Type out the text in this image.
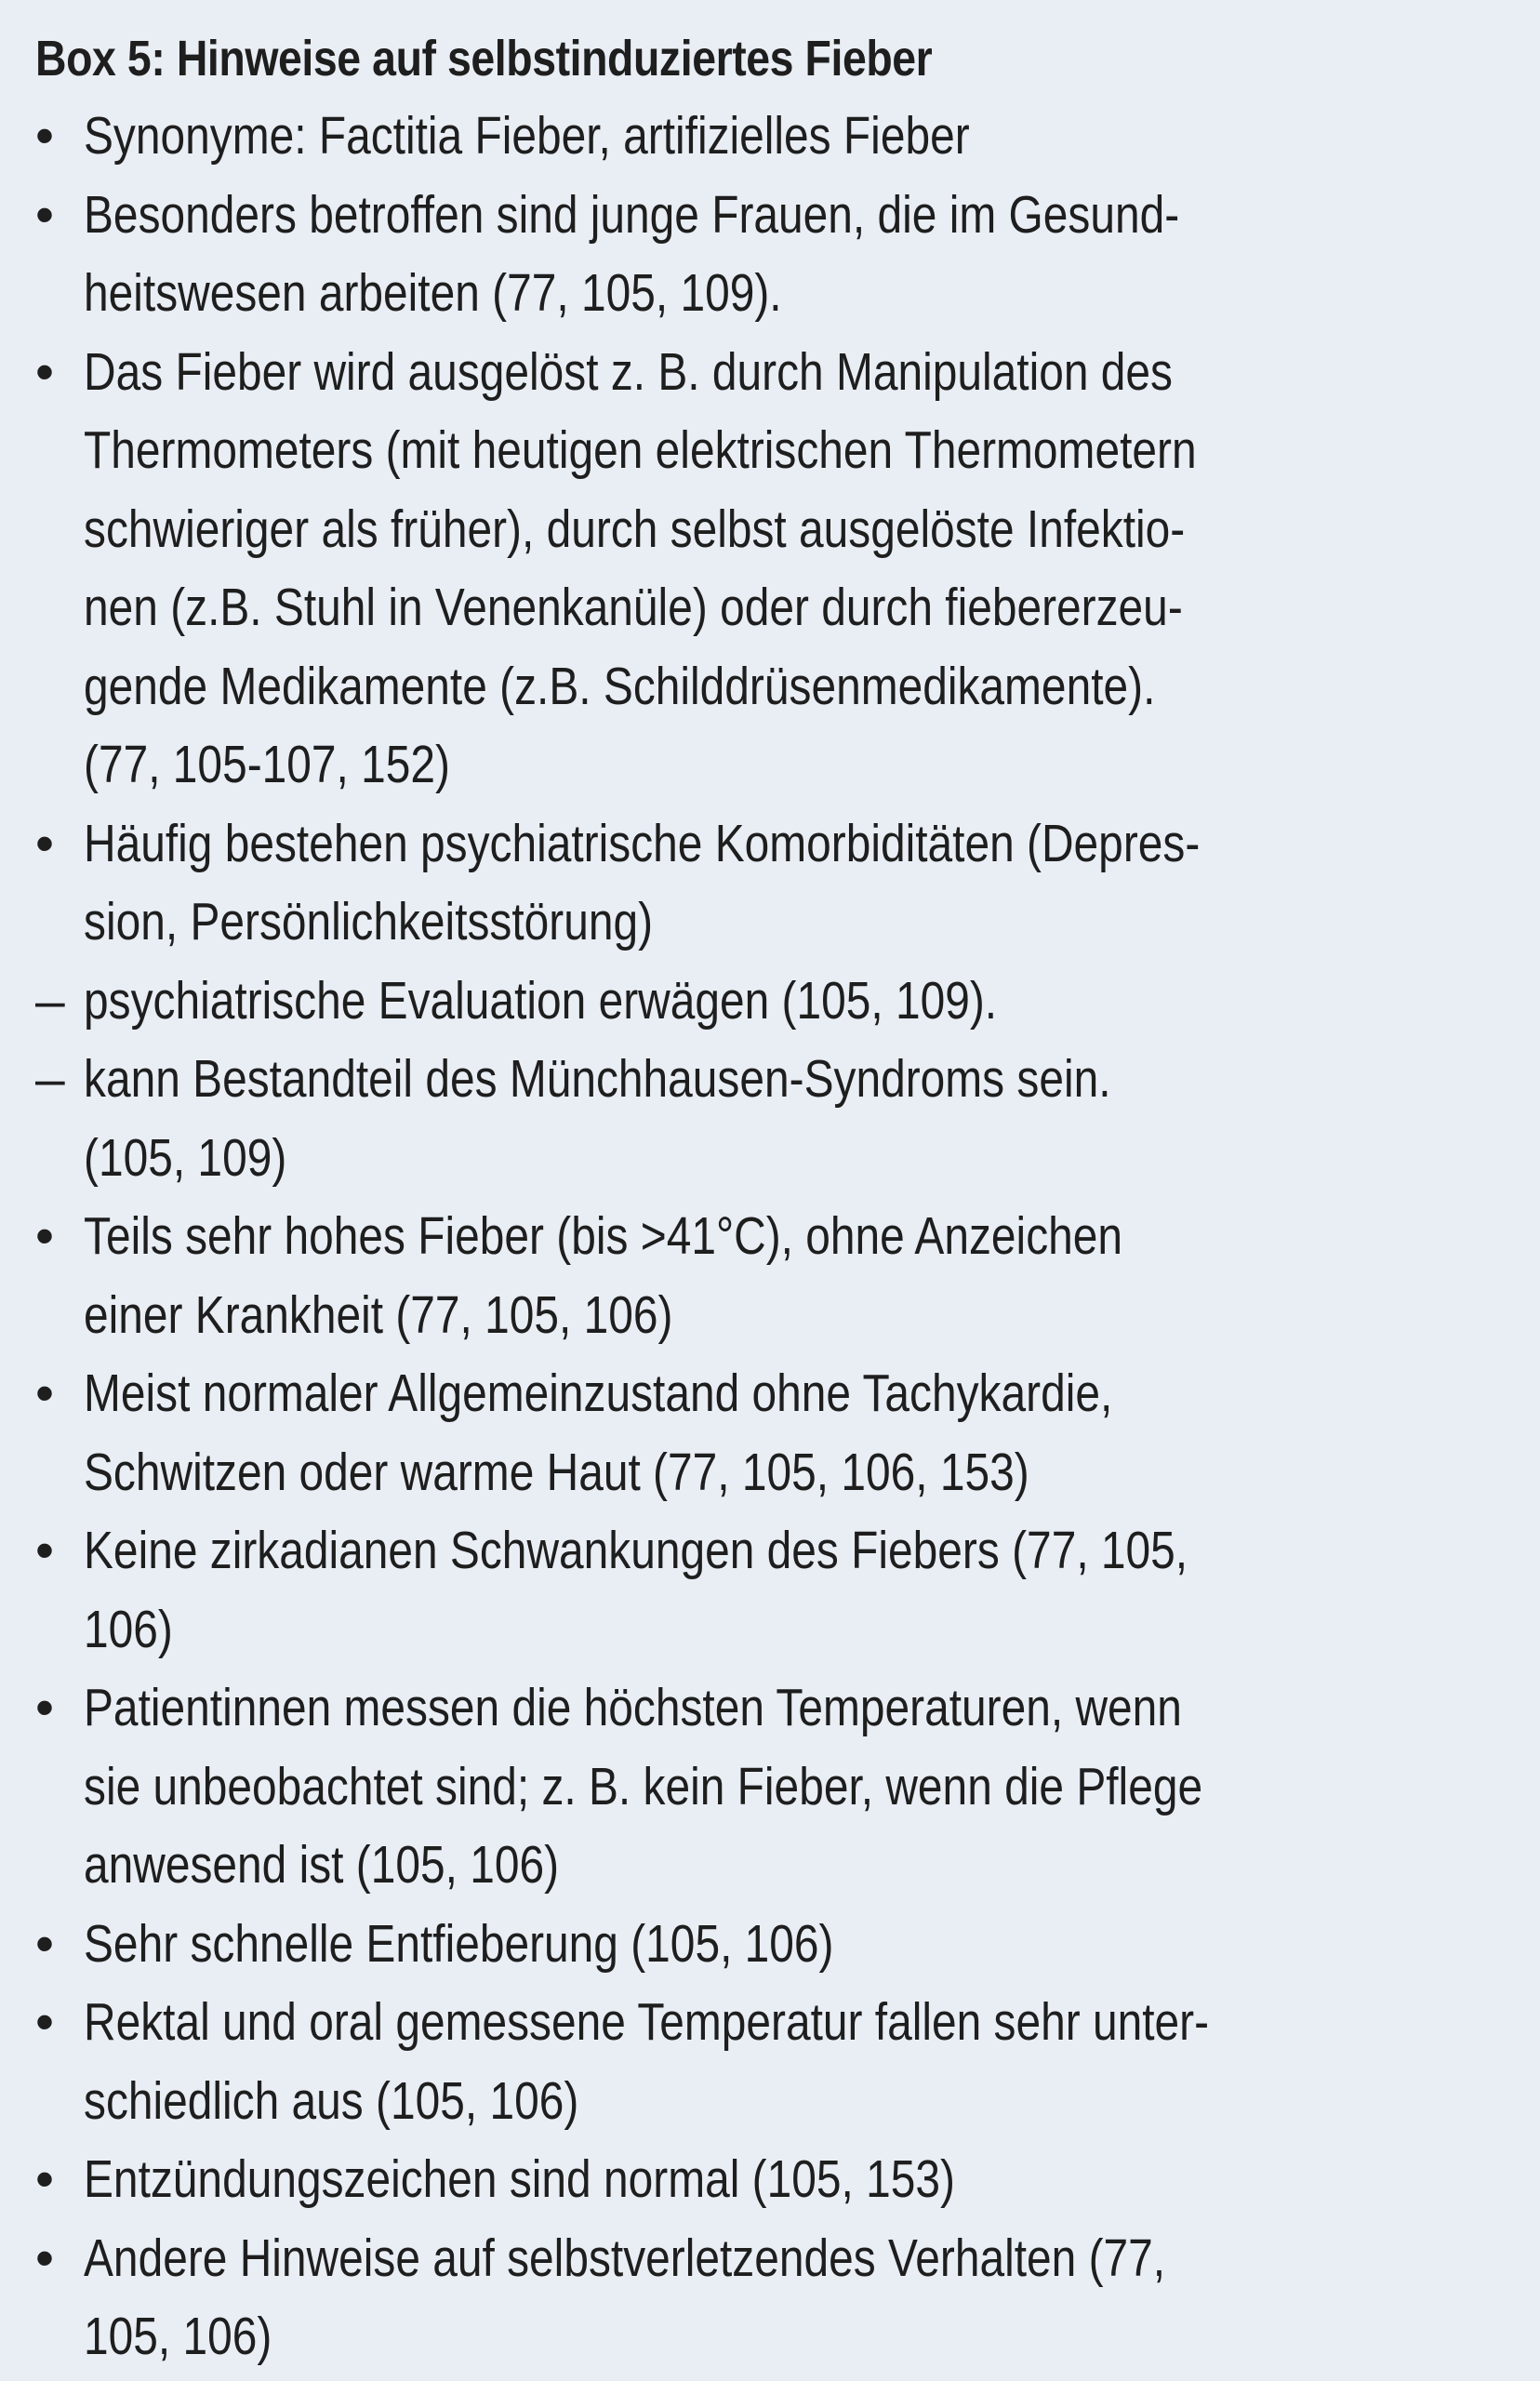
Box 5: Hinweise auf selbstinduziertes Fieber
• Synonyme: Factitia Fieber, artifizielles Fieber
• Besonders betroffen sind junge Frauen, die im Gesund-
heitswesen arbeiten (77, 105, 109).
• Das Fieber wird ausgelöst z. B. durch Manipulation des
Thermometers (mit heutigen elektrischen Thermometern
schwieriger als früher), durch selbst ausgelöste Infektio-
nen (z.B. Stuhl in Venenkanüle) oder durch fiebererzeu-
gende Medikamente (z.B. Schilddrüsenmedikamente).
(77, 105-107, 152)
• Häufig bestehen psychiatrische Komorbiditäten (Depres-
sion, Persönlichkeitsstörung)
– psychiatrische Evaluation erwägen (105, 109).
– kann Bestandteil des Münchhausen-Syndroms sein.
(105, 109)
• Teils sehr hohes Fieber (bis >41°C), ohne Anzeichen
einer Krankheit (77, 105, 106)
• Meist normaler Allgemeinzustand ohne Tachykardie,
Schwitzen oder warme Haut (77, 105, 106, 153)
• Keine zirkadianen Schwankungen des Fiebers (77, 105,
106)
• Patientinnen messen die höchsten Temperaturen, wenn
sie unbeobachtet sind; z. B. kein Fieber, wenn die Pflege
anwesend ist (105, 106)
• Sehr schnelle Entfieberung (105, 106)
• Rektal und oral gemessene Temperatur fallen sehr unter-
schiedlich aus (105, 106)
• Entzündungszeichen sind normal (105, 153)
• Andere Hinweise auf selbstverletzendes Verhalten (77,
105, 106)
